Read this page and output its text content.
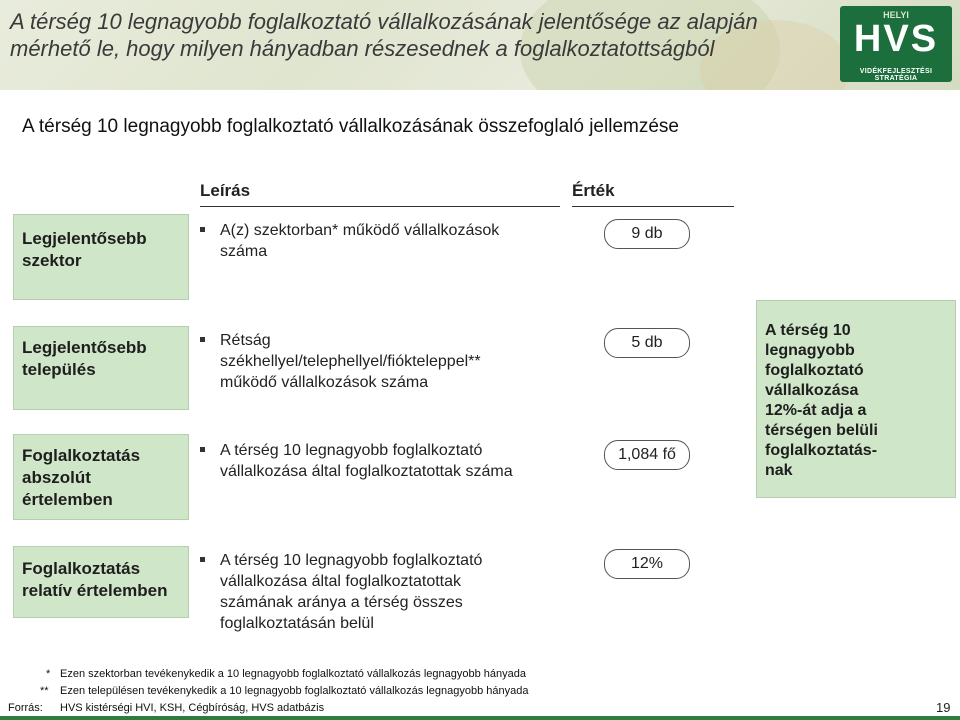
A térség 10 legnagyobb foglalkoztató vállalkozásának jelentősége az alapján mérhető le, hogy milyen hányadban részesednek a foglalkoztatottságból
HELYI
HVS
VIDÉKFEJLESZTÉSI STRATÉGIA
A térség 10 legnagyobb foglalkoztató vállalkozásának összefoglaló jellemzése
Leírás	Érték
Legjelentősebb szektor
A(z) szektorban* működő vállalkozások
száma
9 db
Legjelentősebb település
Rétság
székhellyel/telephellyel/fiókteleppel**
működő vállalkozások száma
5 db
Foglalkoztatás abszolút értelemben
A térség 10 legnagyobb foglalkoztató
vállalkozása által foglalkoztatottak száma
1,084 fő
Foglalkoztatás relatív értelemben
A térség 10 legnagyobb foglalkoztató
vállalkozása által foglalkoztatottak
számának aránya a térség összes
foglalkoztatásán belül
12%
A térség 10
legnagyobb
foglalkoztató
vállalkozása
12%-át adja a
térségen belüli
foglalkoztatás-
nak
* Ezen szektorban tevékenykedik a 10 legnagyobb foglalkoztató vállalkozás legnagyobb hányada
** Ezen településen tevékenykedik a 10 legnagyobb foglalkoztató vállalkozás legnagyobb hányada
Forrás: HVS kistérségi HVI, KSH, Cégbíróság, HVS adatbázis	19
